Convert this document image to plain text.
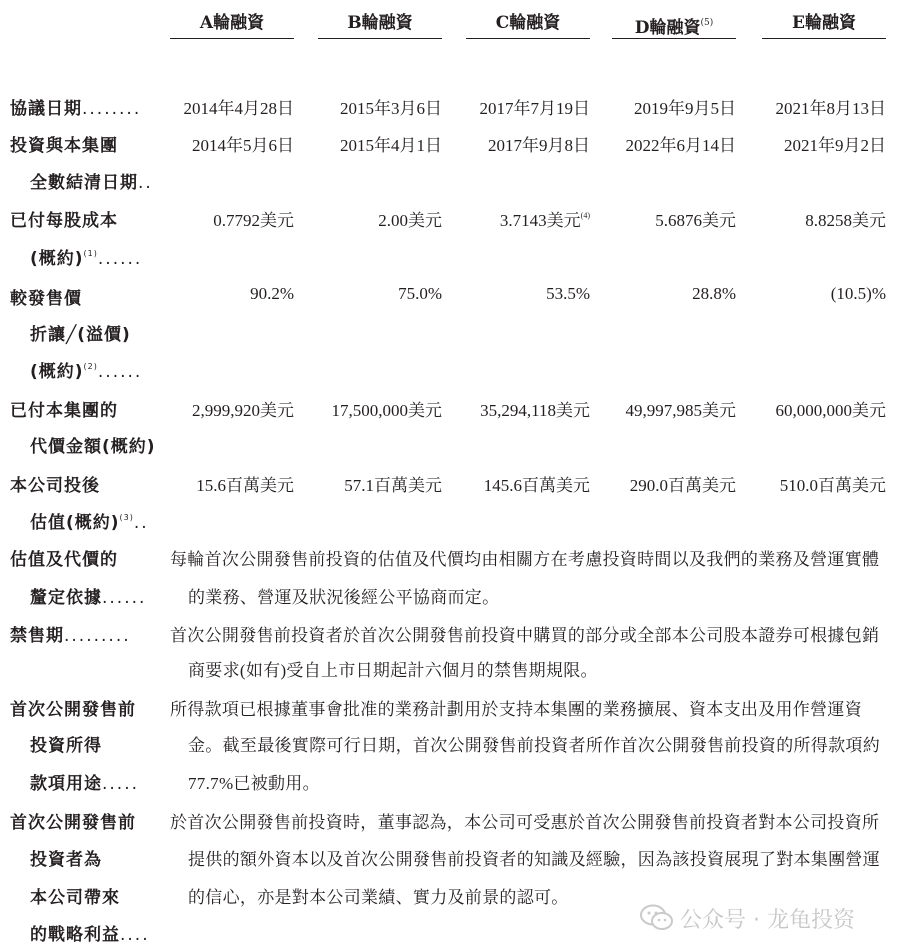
A輪融資	B輪融資	C輪融資	D輪融資$^{(5)}$	E輪融資
協議日期........	2014年4月28日	2015年3月6日	2017年7月19日	2019年9月5日	2021年8月13日
投資與本集團
全數結清日期..
2014年5月6日	2015年4月1日	2017年9月8日	2022年6月14日	2021年9月2日
已付每股成本
(概約)$^{(1)}$......
0.7792美元	2.00美元	3.7143美元$^{(4)}$	5.6876美元	8.8258美元
較發售價
折讓╱(溢價)
(概約)$^{(2)}$......
90.2%	75.0%	53.5%	28.8%	(10.5)%
已付本集團的
代價金額(概約)
2,999,920美元	17,500,000美元	35,294,118美元	49,997,985美元	60,000,000美元
本公司投後
估值(概約)$^{(3)}$..
15.6百萬美元	57.1百萬美元	145.6百萬美元	290.0百萬美元	510.0百萬美元
估值及代價的
釐定依據......
每輪首次公開發售前投資的估值及代價均由相關方在考慮投資時間以及我們的業務及營運實體
的業務、營運及狀況後經公平協商而定。
禁售期......... 首次公開發售前投資者於首次公開發售前投資中購買的部分或全部本公司股本證券可根據包銷
商要求(如有)受自上市日期起計六個月的禁售期規限。
首次公開發售前
投資所得
款項用途.....
所得款項已根據董事會批准的業務計劃用於支持本集團的業務擴展、資本支出及用作營運資
金。截至最後實際可行日期，首次公開發售前投資者所作首次公開發售前投資的所得款項約
77.7%已被動用。
首次公開發售前
投資者為
本公司帶來
的戰略利益....
於首次公開發售前投資時，董事認為，本公司可受惠於首次公開發售前投資者對本公司投資所
提供的額外資本以及首次公開發售前投資者的知識及經驗，因為該投資展現了對本集團營運
的信心，亦是對本公司業績、實力及前景的認可。
公众号 · 龙龟投资
